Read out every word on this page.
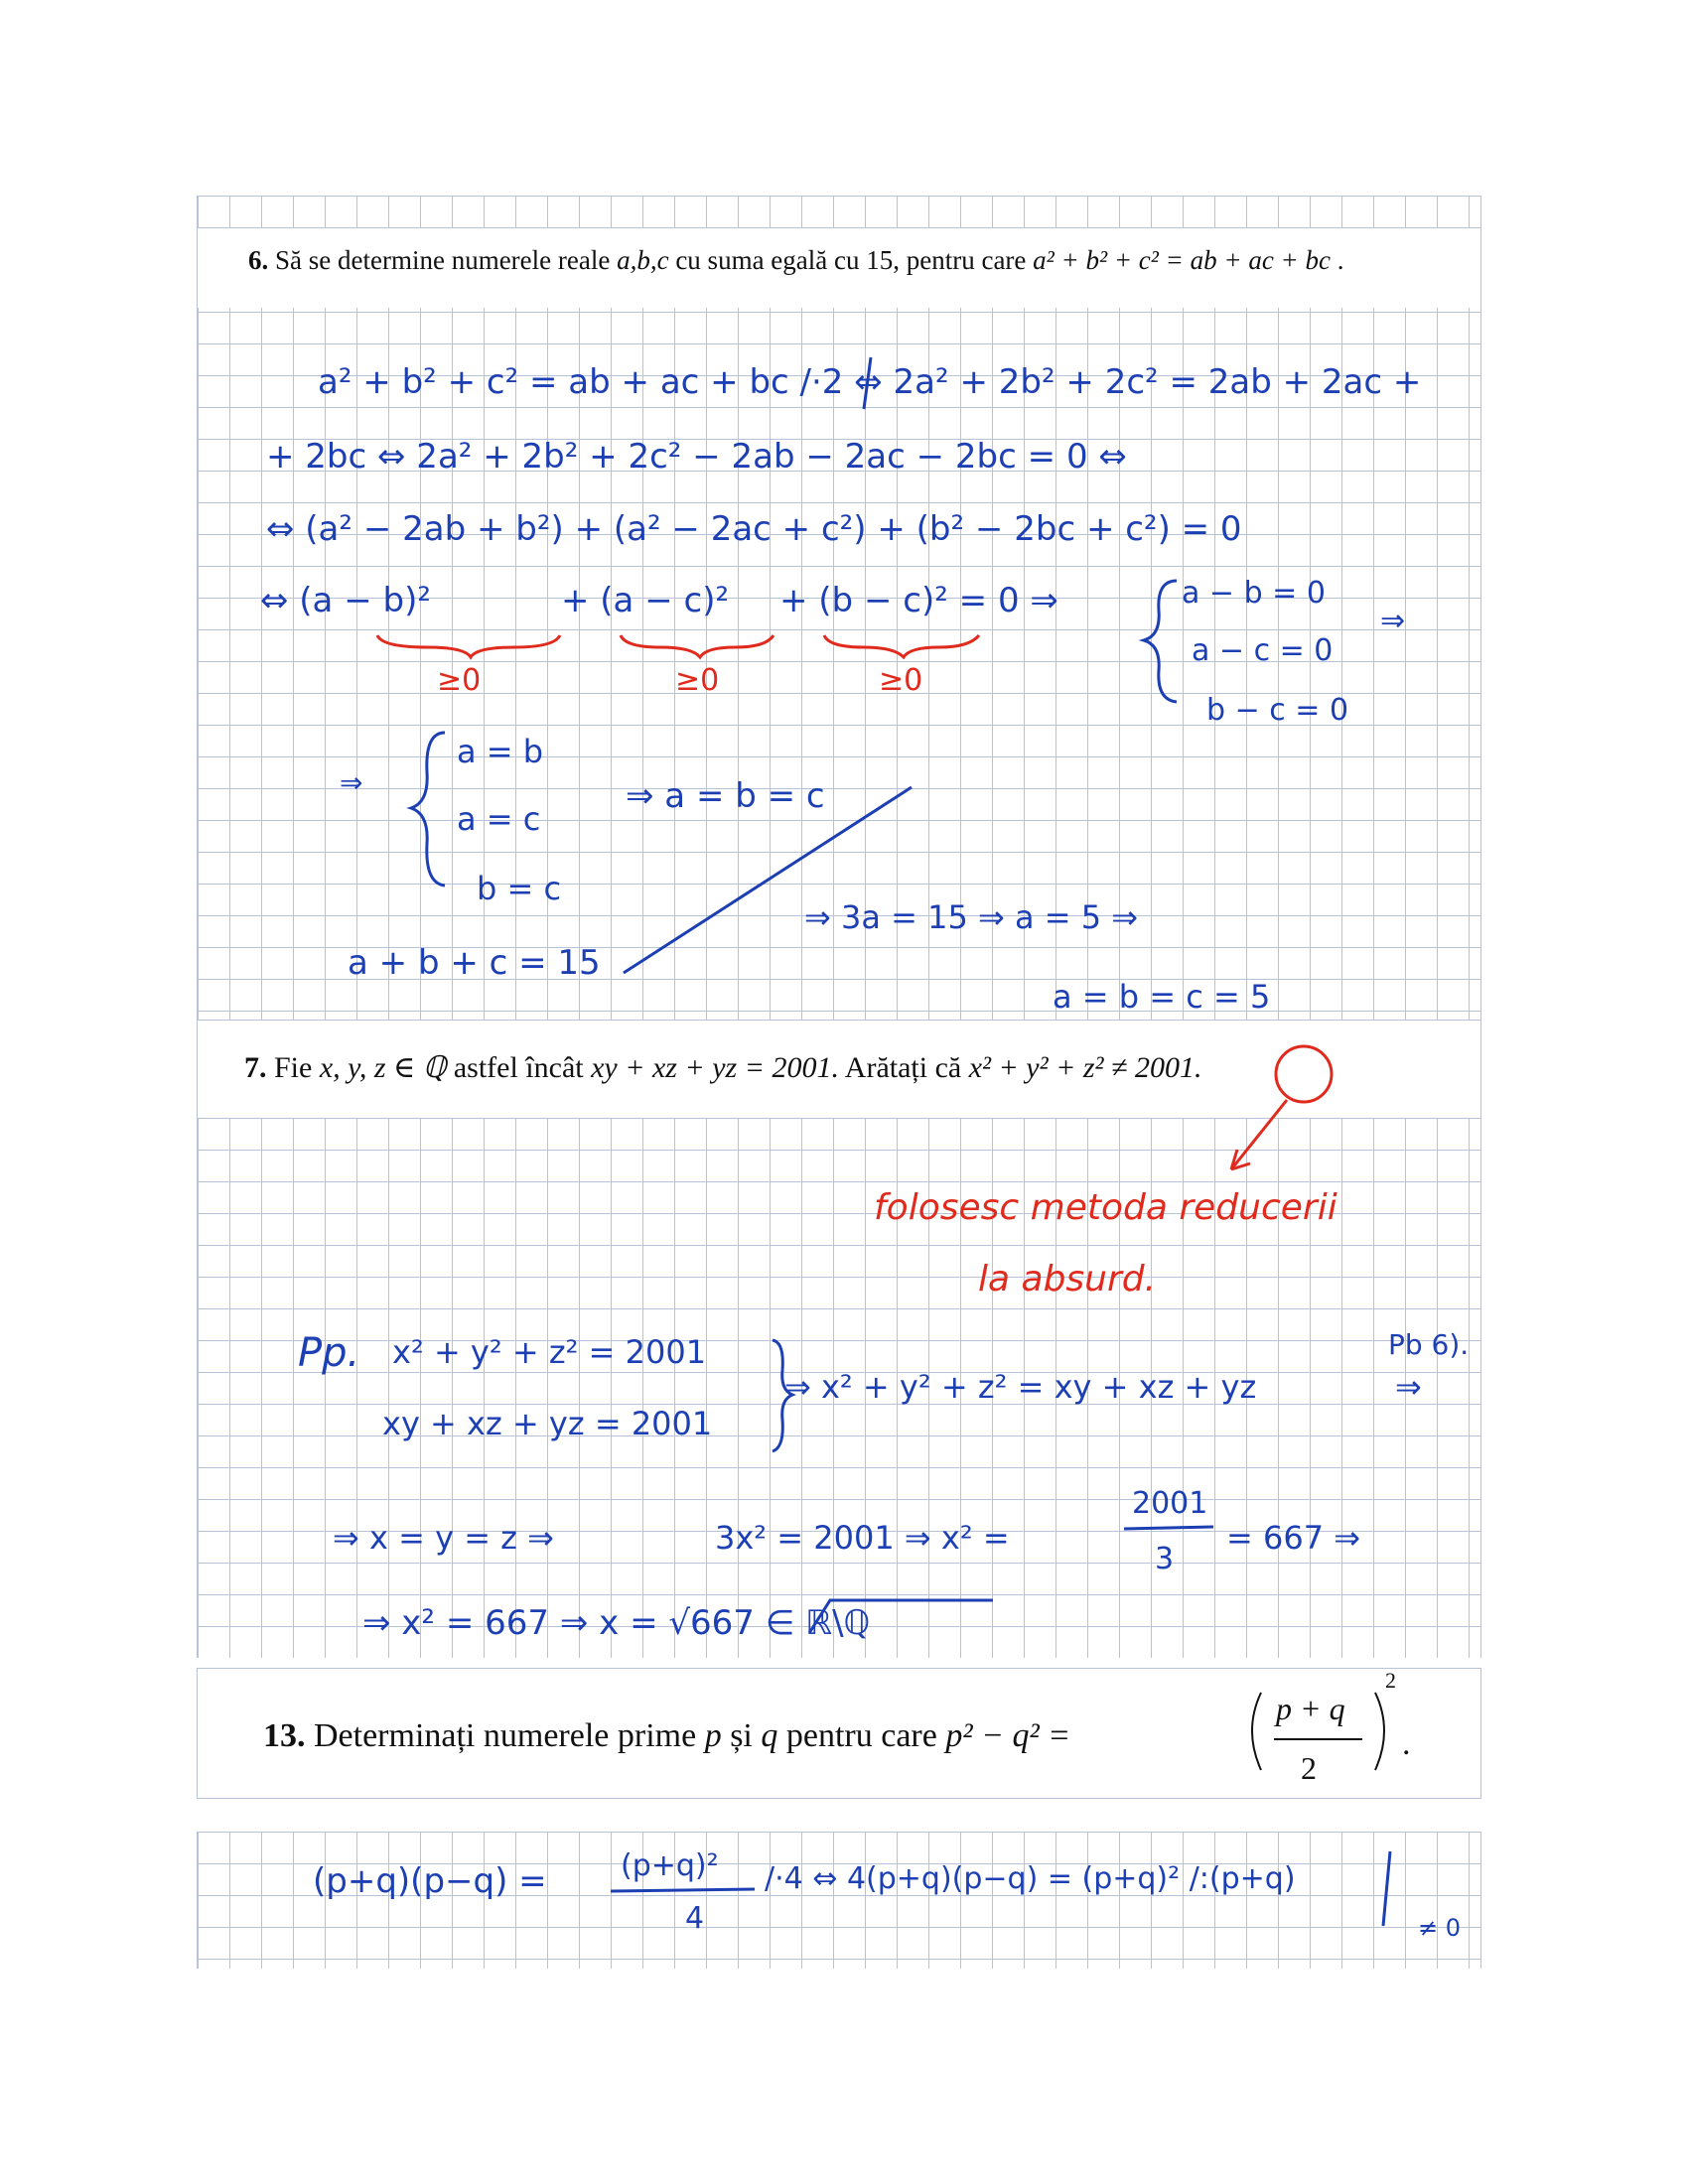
6. Să se determine numerele reale a,b,c cu suma egală cu 15, pentru care a² + b² + c² = ab + ac + bc .
a² + b² + c² = ab + ac + bc /·2 ⇔ 2a² + 2b² + 2c² = 2ab + 2ac +
+ 2bc ⇔ 2a² + 2b² + 2c² − 2ab − 2ac − 2bc = 0 ⇔
⇔ (a² − 2ab + b²) + (a² − 2ac + c²) + (b² − 2bc + c²) = 0
⇔ (a − b)²	+ (a − c)² + (b − c)² = 0 ⇒
≥0	≥0	≥0
a − b = 0
a − c = 0
b − c = 0
⇒
⇒
a = b
a = c
b = c
⇒ a = b = c
a + b + c = 15
⇒ 3a = 15 ⇒ a = 5 ⇒
a = b = c = 5
7. Fie x, y, z ∈ ℚ astfel încât xy + xz + yz = 2001. Arătați că x² + y² + z² ≠ 2001.
folosesc metoda reducerii
la absurd.
Pp. x² + y² + z² = 2001
xy + xz + yz = 2001
⇒ x² + y² + z² = xy + xz + yz
Pb 6).
⇒
⇒ x = y = z ⇒	3x² = 2001 ⇒ x² =
2001
3
= 667 ⇒
⇒ x² = 667 ⇒ x = √667 ∈ ℝ\ℚ
13. Determinați numerele prime p și q pentru care p² − q² =
p + q
2
2
.
(p+q)(p−q) = (p+q)²
4
/·4 ⇔ 4(p+q)(p−q) = (p+q)² /:(p+q)
≠ 0
